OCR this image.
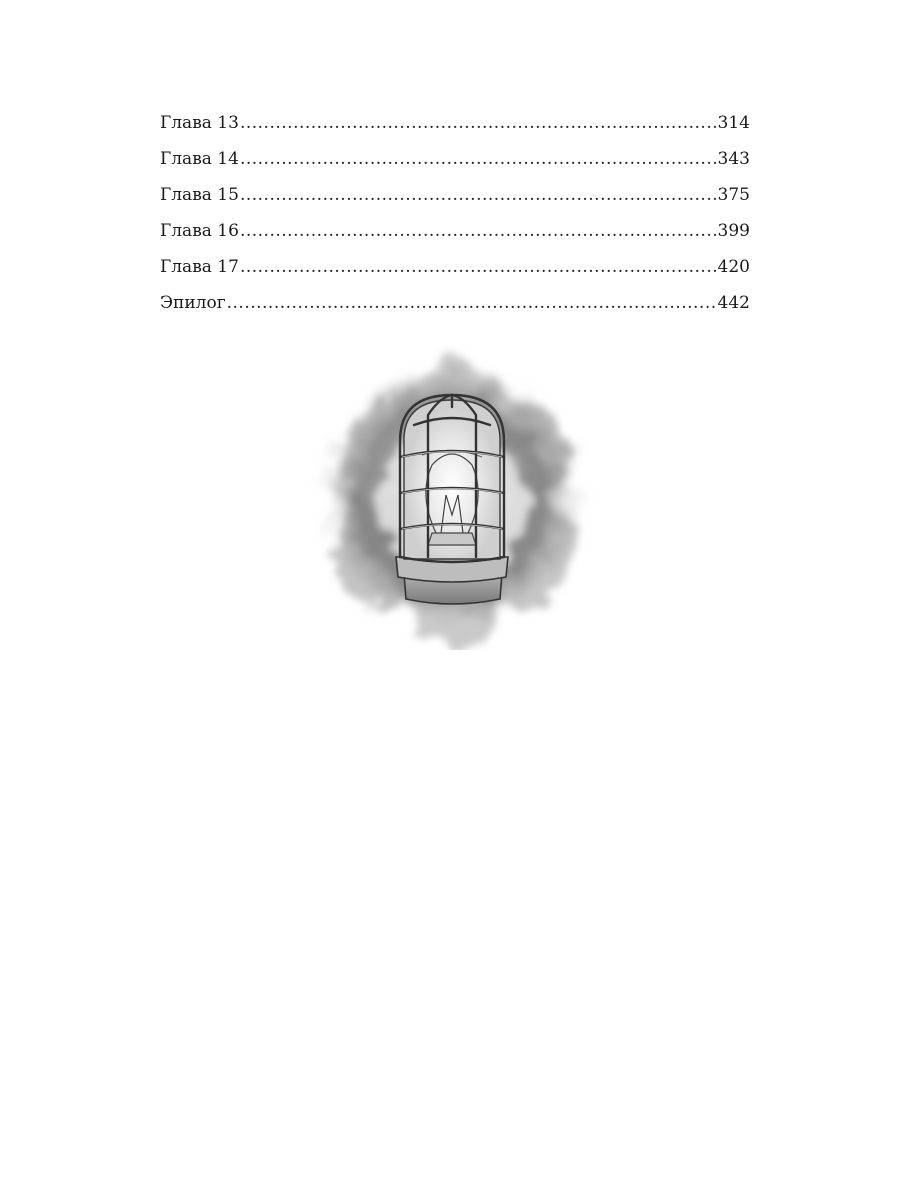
Глава 13 .....	314
Глава 14 .....	343
Глава 15 .....	375
Глава 16 .....	399
Глава 17 .....	420
Эпилог .....	442
